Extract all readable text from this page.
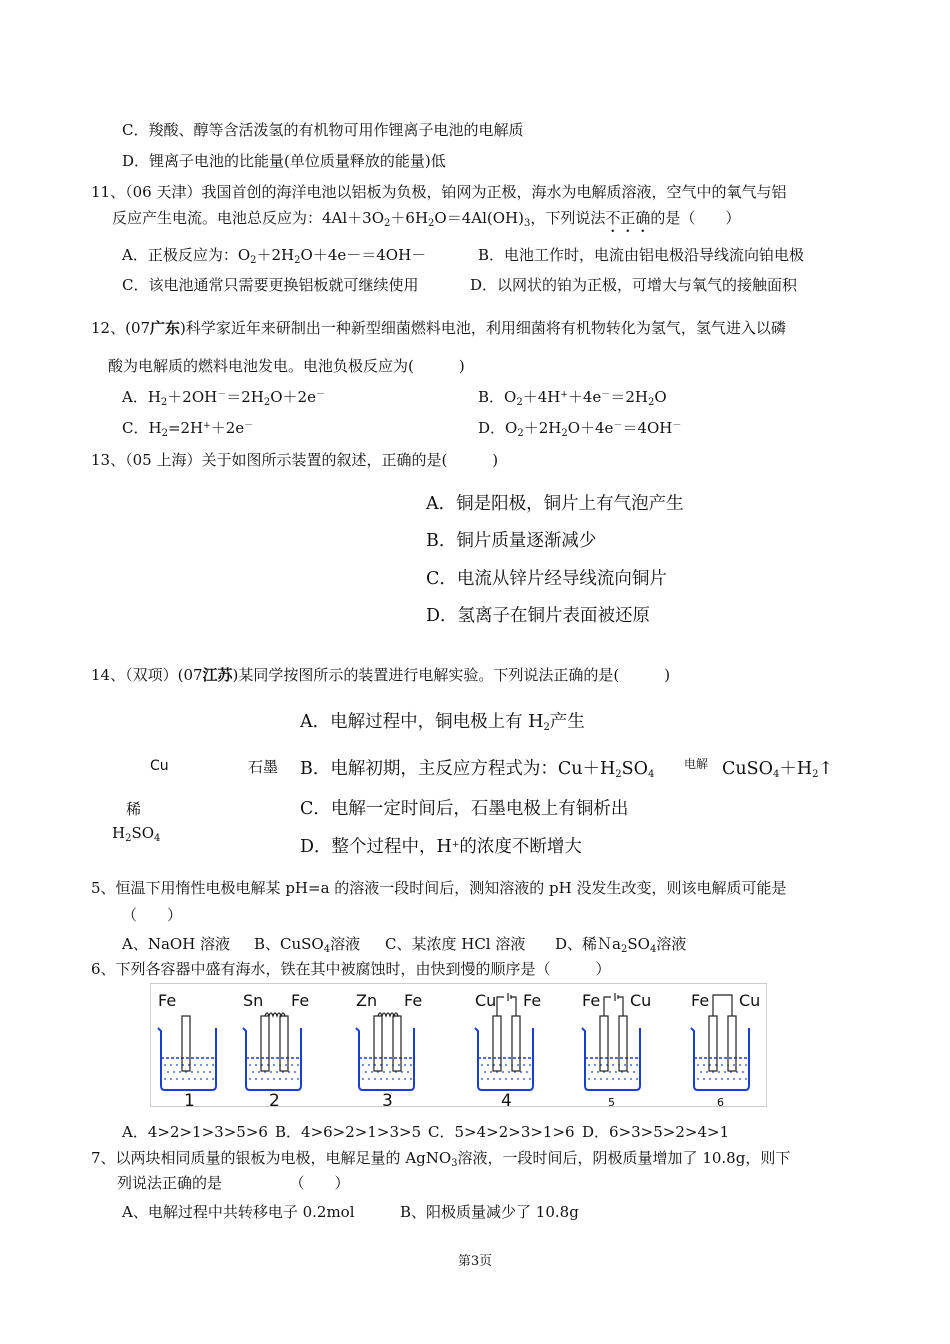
C．羧酸、醇等含活泼氢的有机物可用作锂离子电池的电解质
D．锂离子电池的比能量(单位质量释放的能量)低
11、（06 天津）我国首创的海洋电池以铝板为负极，铂网为正极，海水为电解质溶液，空气中的氧气与铝
反应产生电流。电池总反应为：$4Al+3O_2+6H_2O=4Al(OH)_3$，下列说法不正确的是（　　）
A．正极反应为：$O_2+2H_2O+4e-=4OH-$	B．电池工作时，电流由铝电极沿导线流向铂电极
C．该电池通常只需要更换铝板就可继续使用	D．以网状的铂为正极，可增大与氧气的接触面积
12、(07广东)科学家近年来研制出一种新型细菌燃料电池，利用细菌将有机物转化为氢气，氢气进入以磷
酸为电解质的燃料电池发电。电池负极反应为(　　　)
A．$H_2+2OH^-=2H_2O+2e^-$	B．$O_2+4H^++4e^-=2H_2O$
C．$H_2=2H^++2e^-$	D．$O_2+2H_2O+4e^-=4OH^-$
13、（05 上海）关于如图所示装置的叙述，正确的是(　　　)
A．铜是阳极，铜片上有气泡产生
B．铜片质量逐渐减少
C．电流从锌片经导线流向铜片
D．氢离子在铜片表面被还原
14、（双项）(07江苏)某同学按图所示的装置进行电解实验。下列说法正确的是(　　　)
A．电解过程中，铜电极上有 $H_2$产生
B．电解初期，主反应方程式为：$Cu+H_2SO_4$
电解 $CuSO_4+H_2↑$
C．电解一定时间后，石墨电极上有铜析出
D．整个过程中，H+的浓度不断增大
Cu	石墨
稀
$H_2SO_4$
5、恒温下用惰性电极电解某 pH=a 的溶液一段时间后，测知溶液的 pH 没发生改变，则该电解质可能是
（　　）
A、NaOH 溶液 B、CuSO$_4$溶液 C、某浓度 HCl 溶液 D、稀$Na_2SO_4$溶液
6、下列各容器中盛有海水，铁在其中被腐蚀时，由快到慢的顺序是（　　　）
Fe
1
Sn Fe
2
Zn Fe
3
Cu Fe
4
Fe Cu
5
Fe Cu
6
A．4>2>1>3>5>6 B．4>6>2>1>3>5 C．5>4>2>3>1>6 D．6>3>5>2>4>1
7、以两块相同质量的银板为电极，电解足量的 AgNO$_3$溶液，一段时间后，阴极质量增加了 10.8g，则下
列说法正确的是　　　　　（　　）
A、电解过程中共转移电子 0.2mol	B、阳极质量减少了 10.8g
第3页
